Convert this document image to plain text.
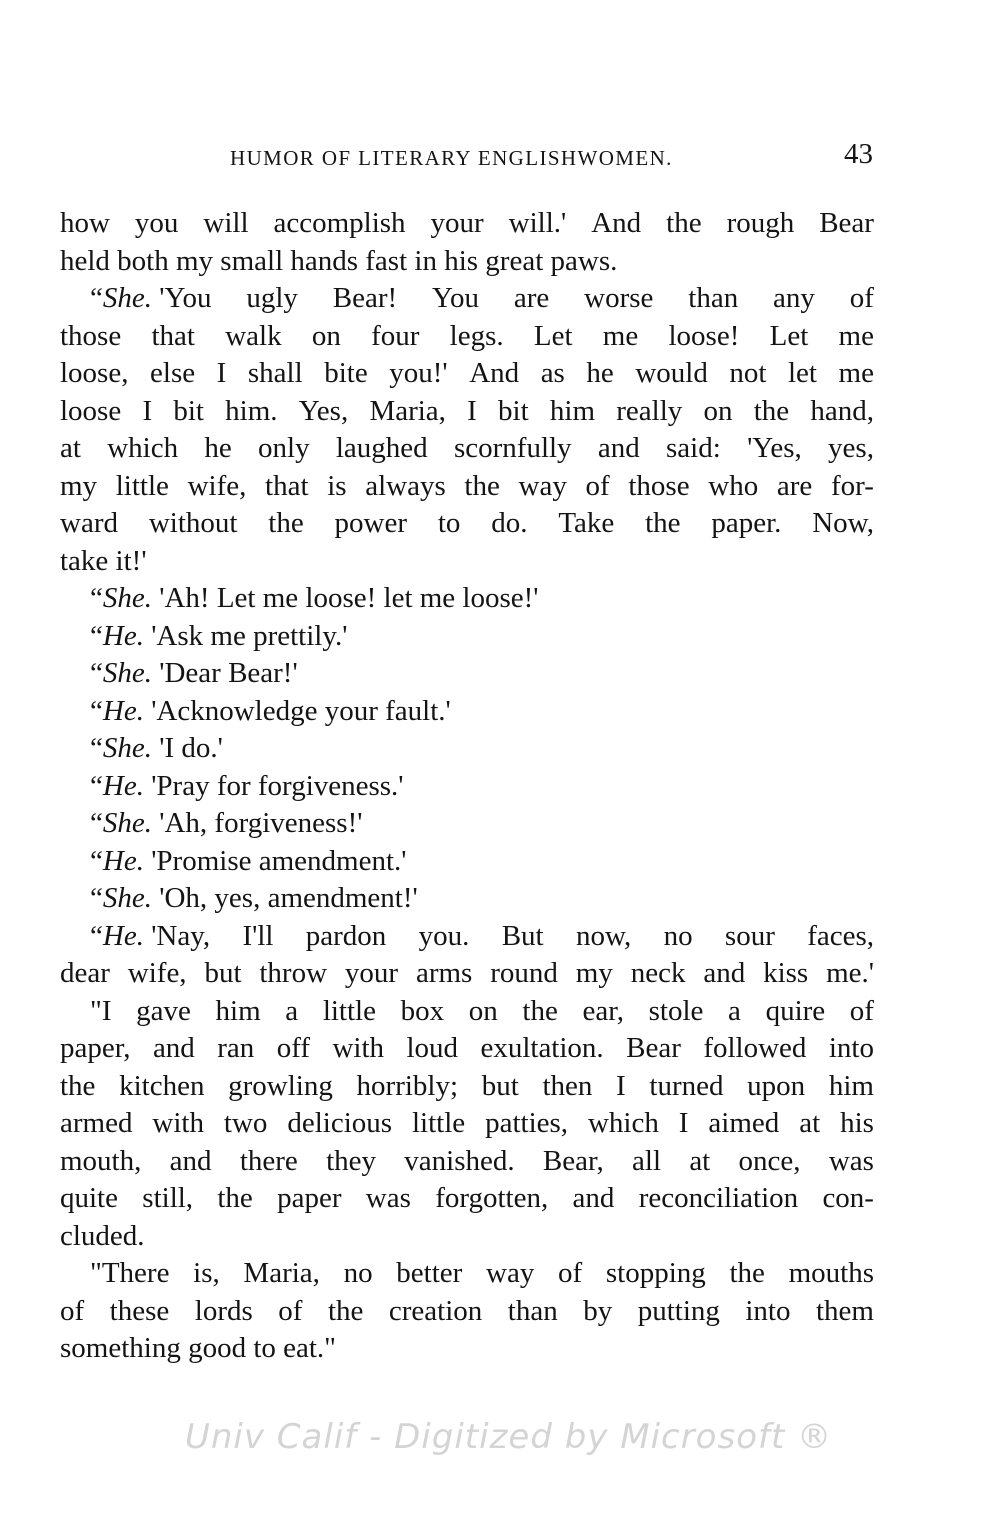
HUMOR OF LITERARY ENGLISHWOMEN.	43
how you will accomplish your will.' And the rough Bear
held both my small hands fast in his great paws.
“She. 'You ugly Bear! You are worse than any of
those that walk on four legs. Let me loose! Let me
loose, else I shall bite you!' And as he would not let me
loose I bit him. Yes, Maria, I bit him really on the hand,
at which he only laughed scornfully and said: 'Yes, yes,
my little wife, that is always the way of those who are for-
ward without the power to do. Take the paper. Now,
take it!'
“She. 'Ah! Let me loose! let me loose!'
“He. 'Ask me prettily.'
“She. 'Dear Bear!'
“He. 'Acknowledge your fault.'
“She. 'I do.'
“He. 'Pray for forgiveness.'
“She. 'Ah, forgiveness!'
“He. 'Promise amendment.'
“She. 'Oh, yes, amendment!'
“He. 'Nay, I'll pardon you. But now, no sour faces,
dear wife, but throw your arms round my neck and kiss me.'
"I gave him a little box on the ear, stole a quire of
paper, and ran off with loud exultation. Bear followed into
the kitchen growling horribly; but then I turned upon him
armed with two delicious little patties, which I aimed at his
mouth, and there they vanished. Bear, all at once, was
quite still, the paper was forgotten, and reconciliation con-
cluded.
"There is, Maria, no better way of stopping the mouths
of these lords of the creation than by putting into them
something good to eat."
Univ Calif - Digitized by Microsoft ®
